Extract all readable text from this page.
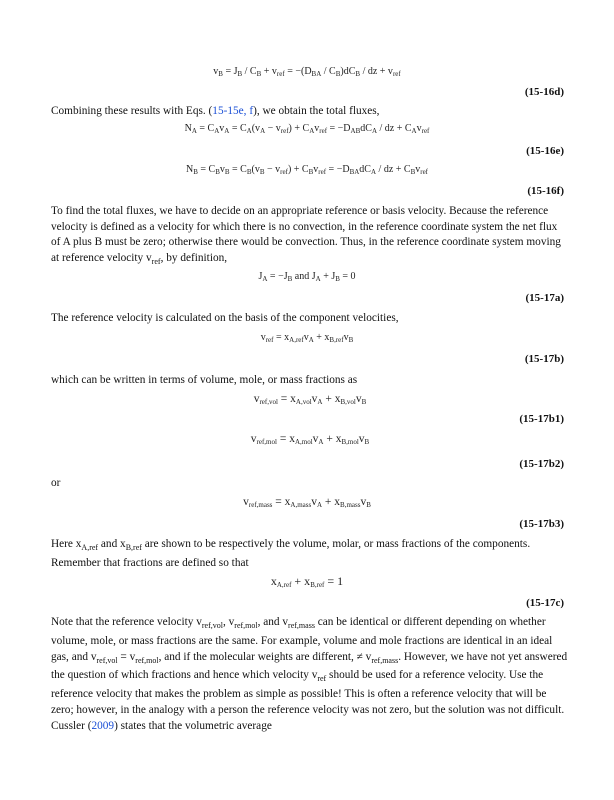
$v_B = J_B / C_B + v_{ref} = -(D_{BA} / C_B)dC_B$ / dz + $v_{ref}$
(15-16d)
Combining these results with Eqs. (15-15e, f), we obtain the total fluxes,
$N_A = C_Av_A = C_A(v_A - v_{ref}) + C_Av_{ref} = -D_{AB}dC_A$ / dz + $C_Av_{ref}$
(15-16e)
$N_B = C_Bv_B = C_B(v_B - v_{ref}) + C_Bv_{ref} = -D_{BA}dC_A$ / dz + $C_Bv_{ref}$
(15-16f)
To find the total fluxes, we have to decide on an appropriate reference or basis velocity. Because the reference velocity is defined as a velocity for which there is no convection, in the reference coordinate system the net flux of A plus B must be zero; otherwise there would be convection. Thus, in the reference coordinate system moving at reference velocity $v_{ref}$, by definition,
$J_A = -J_B$ and $J_A + J_B = 0$
(15-17a)
The reference velocity is calculated on the basis of the component velocities,
$v_{ref} = x_{A,ref}v_A + x_{B,ref}v_B$
(15-17b)
which can be written in terms of volume, mole, or mass fractions as
$v_{ref,vol} = x_{A,vol}v_A + x_{B,vol}v_B$
(15-17b1)
$v_{ref,mol} = x_{A,mol}v_A + x_{B,mol}v_B$
(15-17b2)
or
$v_{ref,mass} = x_{A,mass}v_A + x_{B,mass}v_B$
(15-17b3)
Here $x_{A,ref}$ and $x_{B,ref}$ are shown to be respectively the volume, molar, or mass fractions of the components. Remember that fractions are defined so that
$x_{A,ref} + x_{B,ref} = 1$
(15-17c)
Note that the reference velocity $v_{ref,vol}$, $v_{ref,mol}$, and $v_{ref,mass}$ can be identical or different depending on whether volume, mole, or mass fractions are the same. For example, volume and mole fractions are identical in an ideal gas, and $v_{ref,vol} = v_{ref,mol}$, and if the molecular weights are different, ≠ $v_{ref,mass}$. However, we have not yet answered the question of which fractions and hence which velocity $v_{ref}$ should be used for a reference velocity. Use the reference velocity that makes the problem as simple as possible! This is often a reference velocity that will be zero; however, in the analogy with a person the reference velocity was not zero, but the solution was not difficult. Cussler (2009) states that the volumetric average
